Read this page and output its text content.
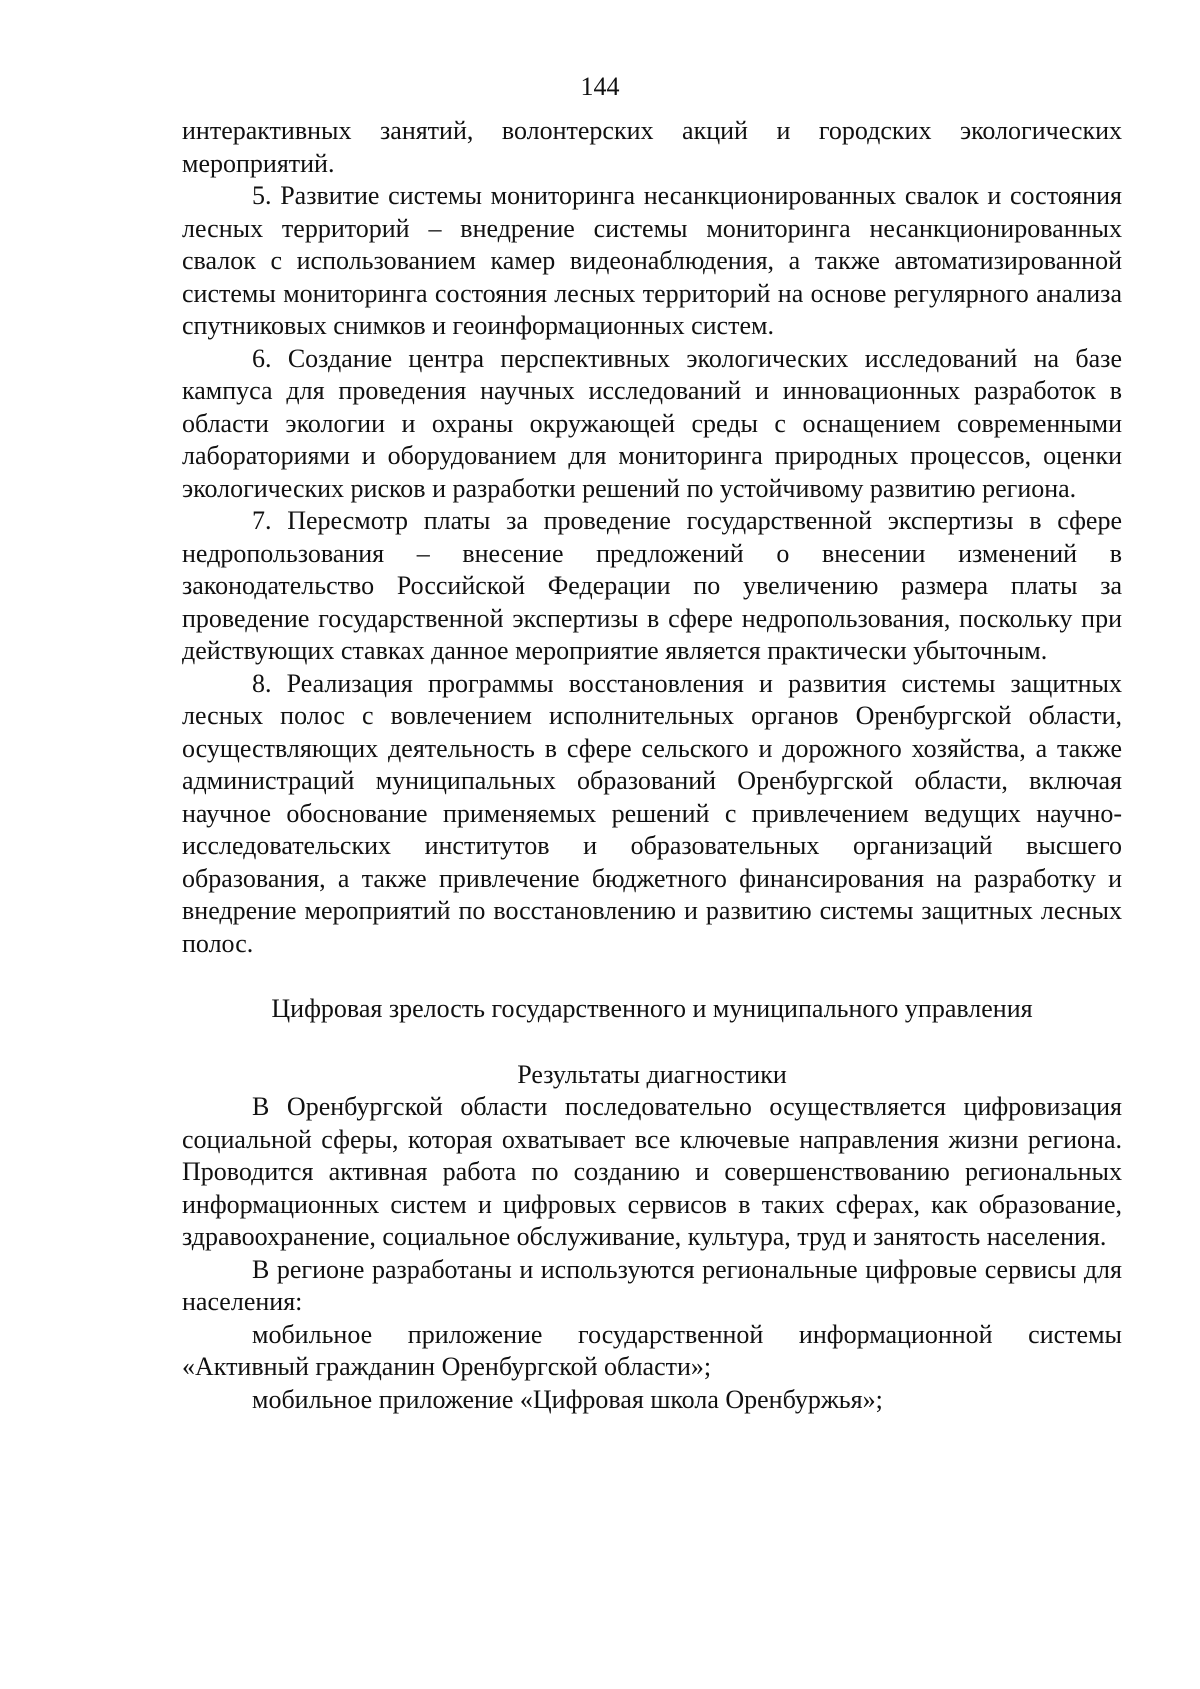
144

интерактивных занятий, волонтерских акций и городских экологических мероприятий.

5. Развитие системы мониторинга несанкционированных свалок и состояния лесных территорий – внедрение системы мониторинга несанкционированных свалок с использованием камер видеонаблюдения, а также автоматизированной системы мониторинга состояния лесных территорий на основе регулярного анализа спутниковых снимков и геоинформационных систем.

6. Создание центра перспективных экологических исследований на базе кампуса для проведения научных исследований и инновационных разработок в области экологии и охраны окружающей среды с оснащением современными лабораториями и оборудованием для мониторинга природных процессов, оценки экологических рисков и разработки решений по устойчивому развитию региона.

7. Пересмотр платы за проведение государственной экспертизы в сфере недропользования – внесение предложений о внесении изменений в законодательство Российской Федерации по увеличению размера платы за проведение государственной экспертизы в сфере недропользования, поскольку при действующих ставках данное мероприятие является практически убыточным.

8. Реализация программы восстановления и развития системы защитных лесных полос с вовлечением исполнительных органов Оренбургской области, осуществляющих деятельность в сфере сельского и дорожного хозяйства, а также администраций муниципальных образований Оренбургской области, включая научное обоснование применяемых решений с привлечением ведущих научно-исследовательских институтов и образовательных организаций высшего образования, а также привлечение бюджетного финансирования на разработку и внедрение мероприятий по восстановлению и развитию системы защитных лесных полос.

Цифровая зрелость государственного и муниципального управления

Результаты диагностики

В Оренбургской области последовательно осуществляется цифровизация социальной сферы, которая охватывает все ключевые направления жизни региона. Проводится активная работа по созданию и совершенствованию региональных информационных систем и цифровых сервисов в таких сферах, как образование, здравоохранение, социальное обслуживание, культура, труд и занятость населения.

В регионе разработаны и используются региональные цифровые сервисы для населения:

мобильное приложение государственной информационной системы «Активный гражданин Оренбургской области»;

мобильное приложение «Цифровая школа Оренбуржья»;
